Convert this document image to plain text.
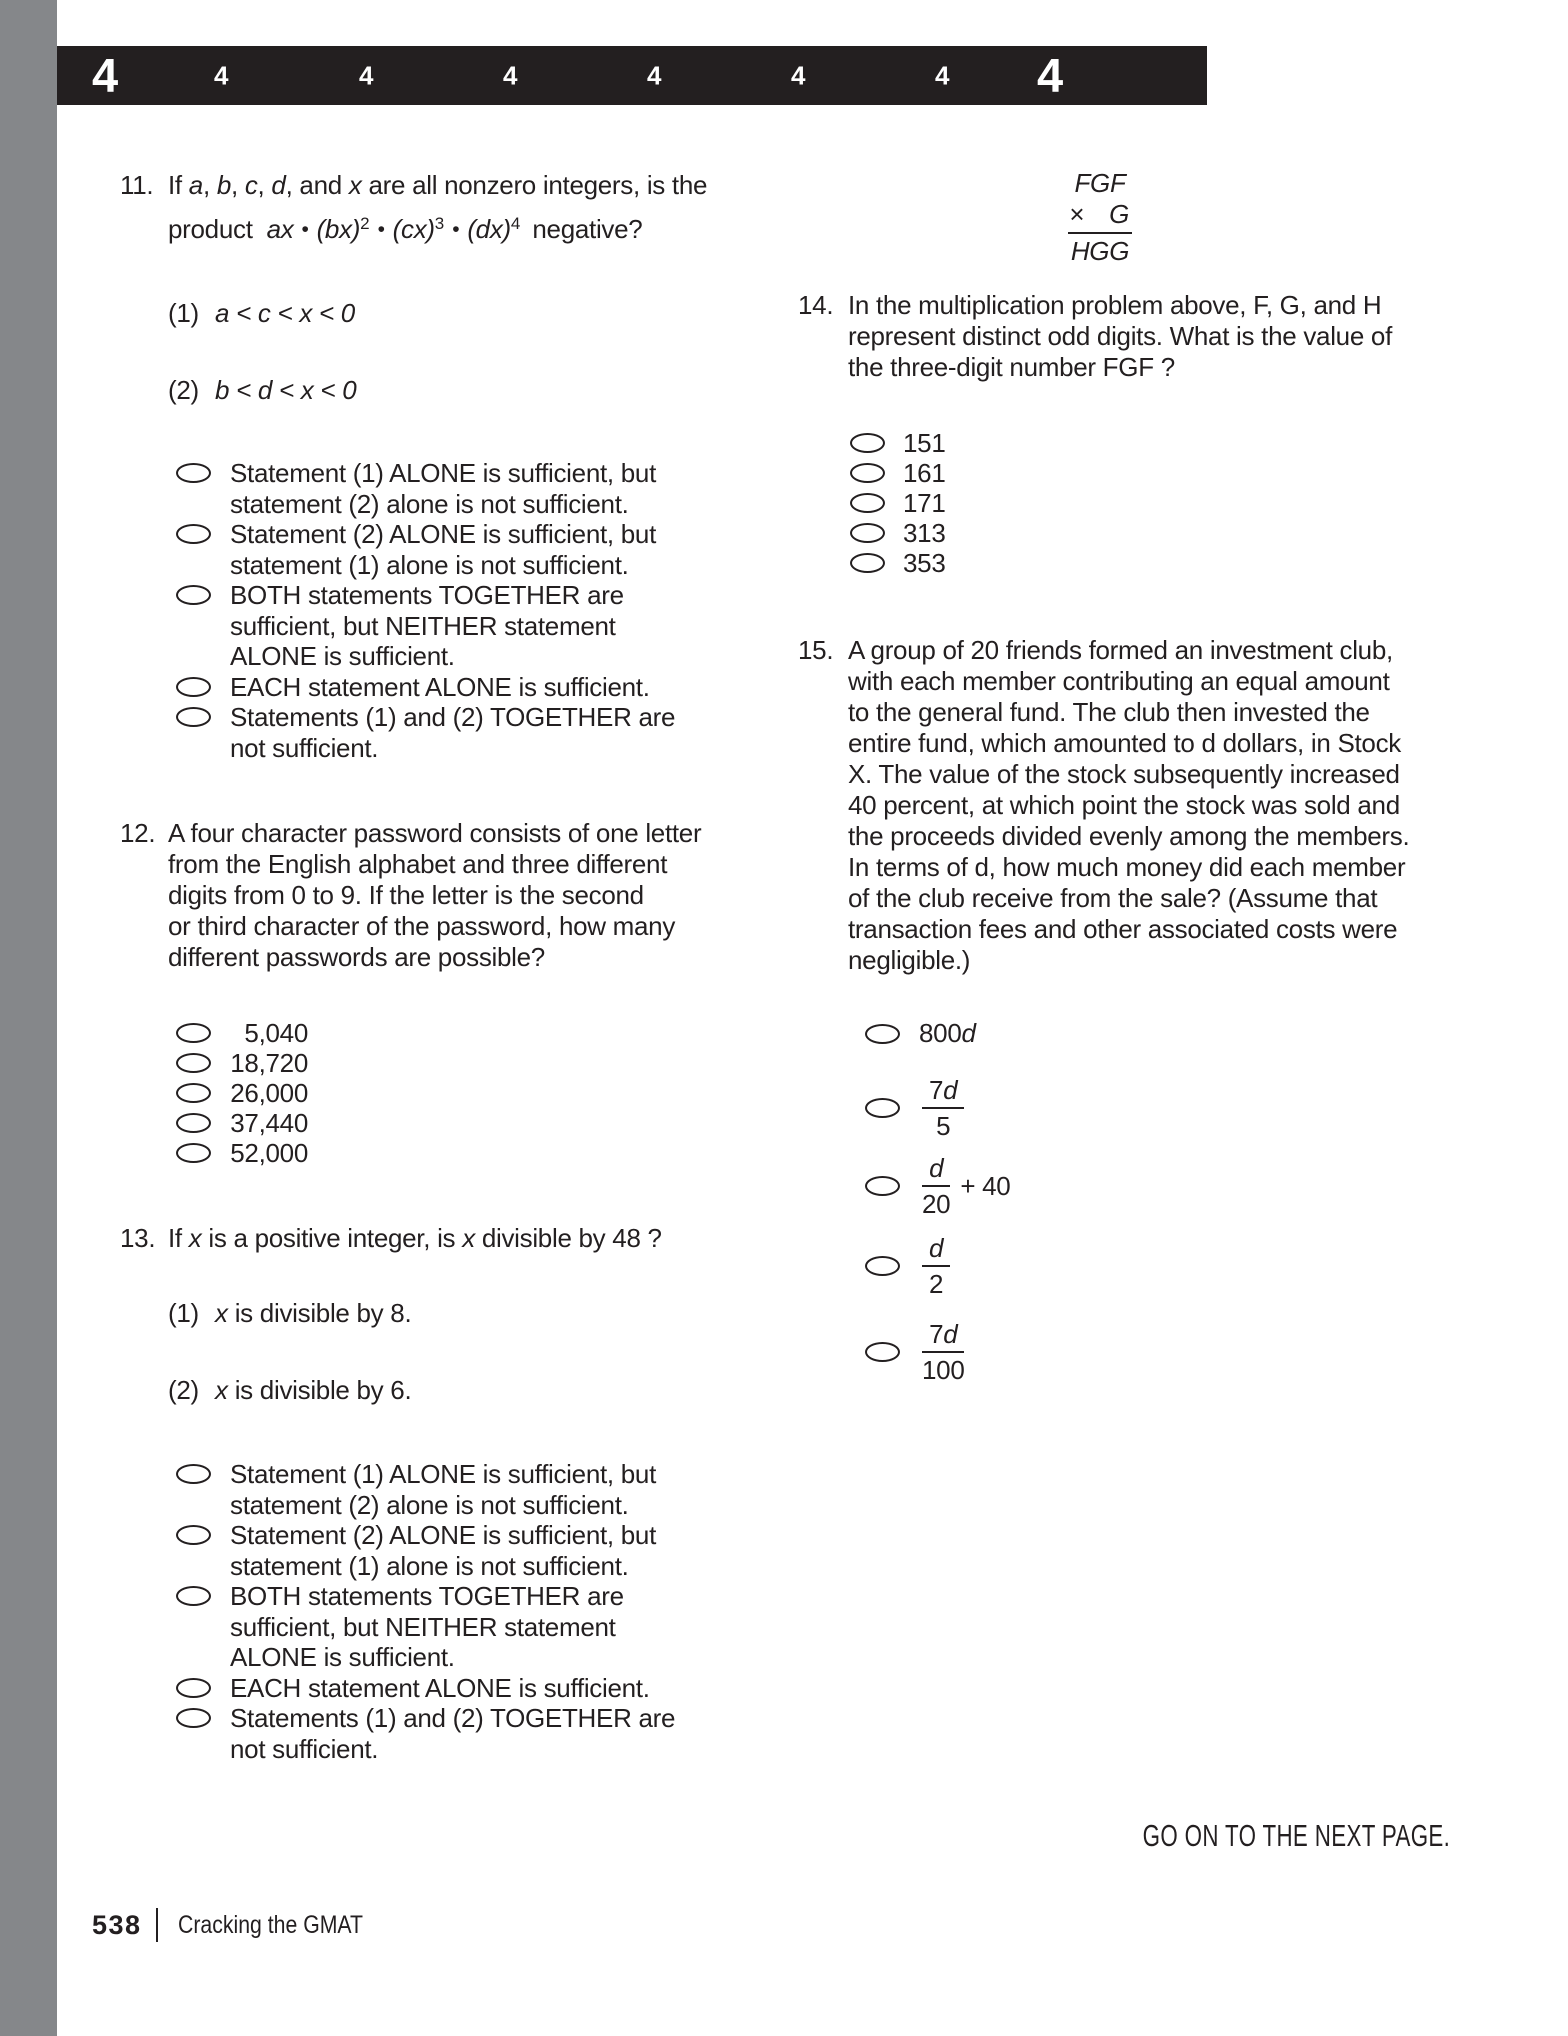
4	4	4	4	4	4	4 4
11. If a, b, c, d, and x are all nonzero integers, is the
product ax • (bx)$^2$ • (cx)$^3$ • (dx)$^4$ negative?
(1) a < c < x < 0
(2) b < d < x < 0
Statement (1) ALONE is sufficient, but
statement (2) alone is not sufficient.
Statement (2) ALONE is sufficient, but
statement (1) alone is not sufficient.
BOTH statements TOGETHER are
sufficient, but NEITHER statement
ALONE is sufficient.
EACH statement ALONE is sufficient.
Statements (1) and (2) TOGETHER are
not sufficient.
12. A four character password consists of one letter
from the English alphabet and three different
digits from 0 to 9. If the letter is the second
or third character of the password, how many
different passwords are possible?
5,040
18,720
26,000
37,440
52,000
13. If x is a positive integer, is x divisible by 48 ?
(1) x is divisible by 8.
(2) x is divisible by 6.
Statement (1) ALONE is sufficient, but
statement (2) alone is not sufficient.
Statement (2) ALONE is sufficient, but
statement (1) alone is not sufficient.
BOTH statements TOGETHER are
sufficient, but NEITHER statement
ALONE is sufficient.
EACH statement ALONE is sufficient.
Statements (1) and (2) TOGETHER are
not sufficient.
FGF
× G
HGG
14. In the multiplication problem above, F, G, and H
represent distinct odd digits. What is the value of
the three-digit number FGF ?
151
161
171
313
353
15. A group of 20 friends formed an investment club,
with each member contributing an equal amount
to the general fund. The club then invested the
entire fund, which amounted to d dollars, in Stock
X. The value of the stock subsequently increased
40 percent, at which point the stock was sold and
the proceeds divided evenly among the members.
In terms of d, how much money did each member
of the club receive from the sale? (Assume that
transaction fees and other associated costs were
negligible.)
800d
$\frac{7d}{5}$
$\frac{d}{20} + 40$
$\frac{d}{2}$
$\frac{7d}{100}$
GO ON TO THE NEXT PAGE.
538 Cracking the GMAT
